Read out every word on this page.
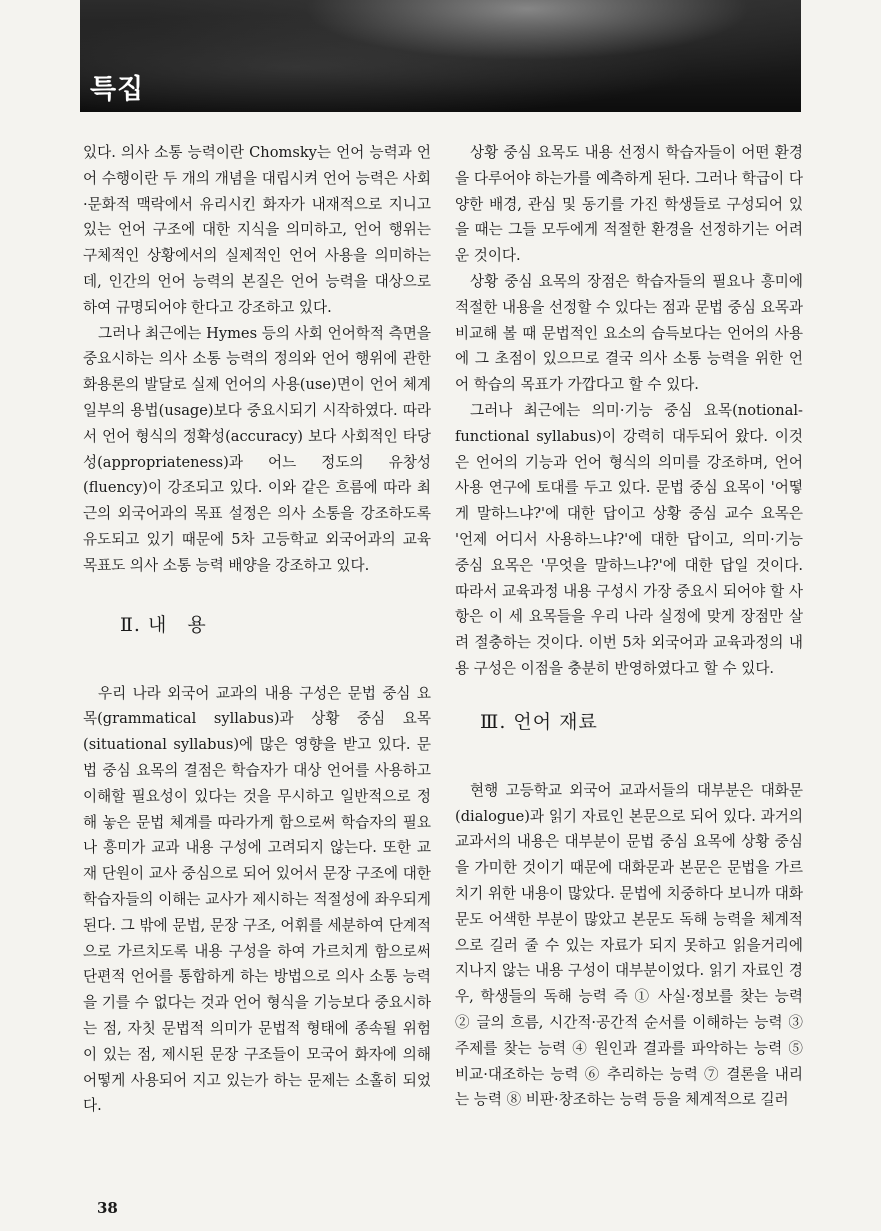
특집

있다. 의사 소통 능력이란 Chomsky는 언어 능력과 언어 수행이란 두 개의 개념을 대립시켜 언어 능력은 사회·문화적 맥락에서 유리시킨 화자가 내재적으로 지니고 있는 언어 구조에 대한 지식을 의미하고, 언어 행위는 구체적인 상황에서의 실제적인 언어 사용을 의미하는 데, 인간의 언어 능력의 본질은 언어 능력을 대상으로 하여 규명되어야 한다고 강조하고 있다.

그러나 최근에는 Hymes 등의 사회 언어학적 측면을 중요시하는 의사 소통 능력의 정의와 언어 행위에 관한 화용론의 발달로 실제 언어의 사용(use)면이 언어 체계 일부의 용법(usage)보다 중요시되기 시작하였다. 따라서 언어 형식의 정확성(accuracy) 보다 사회적인 타당성(appropriateness)과 어느 정도의 유창성(fluency)이 강조되고 있다. 이와 같은 흐름에 따라 최근의 외국어과의 목표 설정은 의사 소통을 강조하도록 유도되고 있기 때문에 5차 고등학교 외국어과의 교육 목표도 의사 소통 능력 배양을 강조하고 있다.

Ⅱ. 내　용

우리 나라 외국어 교과의 내용 구성은 문법 중심 요목(grammatical syllabus)과 상황 중심 요목(situational syllabus)에 많은 영향을 받고 있다. 문법 중심 요목의 결점은 학습자가 대상 언어를 사용하고 이해할 필요성이 있다는 것을 무시하고 일반적으로 정해 놓은 문법 체계를 따라가게 함으로써 학습자의 필요나 흥미가 교과 내용 구성에 고려되지 않는다. 또한 교재 단원이 교사 중심으로 되어 있어서 문장 구조에 대한 학습자들의 이해는 교사가 제시하는 적절성에 좌우되게 된다. 그 밖에 문법, 문장 구조, 어휘를 세분하여 단계적으로 가르치도록 내용 구성을 하여 가르치게 함으로써 단편적 언어를 통합하게 하는 방법으로 의사 소통 능력을 기를 수 없다는 것과 언어 형식을 기능보다 중요시하는 점, 자칫 문법적 의미가 문법적 형태에 종속될 위험이 있는 점, 제시된 문장 구조들이 모국어 화자에 의해 어떻게 사용되어 지고 있는가 하는 문제는 소홀히 되었다.

상황 중심 요목도 내용 선정시 학습자들이 어떤 환경을 다루어야 하는가를 예측하게 된다. 그러나 학급이 다양한 배경, 관심 및 동기를 가진 학생들로 구성되어 있을 때는 그들 모두에게 적절한 환경을 선정하기는 어려운 것이다.

상황 중심 요목의 장점은 학습자들의 필요나 흥미에 적절한 내용을 선정할 수 있다는 점과 문법 중심 요목과 비교해 볼 때 문법적인 요소의 습득보다는 언어의 사용에 그 초점이 있으므로 결국 의사 소통 능력을 위한 언어 학습의 목표가 가깝다고 할 수 있다.

그러나 최근에는 의미·기능 중심 요목(notional-functional syllabus)이 강력히 대두되어 왔다. 이것은 언어의 기능과 언어 형식의 의미를 강조하며, 언어 사용 연구에 토대를 두고 있다. 문법 중심 요목이 '어떻게 말하느냐?'에 대한 답이고 상황 중심 교수 요목은 '언제 어디서 사용하느냐?'에 대한 답이고, 의미·기능 중심 요목은 '무엇을 말하느냐?'에 대한 답일 것이다. 따라서 교육과정 내용 구성시 가장 중요시 되어야 할 사항은 이 세 요목들을 우리 나라 실정에 맞게 장점만 살려 절충하는 것이다. 이번 5차 외국어과 교육과정의 내용 구성은 이점을 충분히 반영하였다고 할 수 있다.

Ⅲ. 언어 재료

현행 고등학교 외국어 교과서들의 대부분은 대화문(dialogue)과 읽기 자료인 본문으로 되어 있다. 과거의 교과서의 내용은 대부분이 문법 중심 요목에 상황 중심을 가미한 것이기 때문에 대화문과 본문은 문법을 가르치기 위한 내용이 많았다. 문법에 치중하다 보니까 대화문도 어색한 부분이 많았고 본문도 독해 능력을 체계적으로 길러 줄 수 있는 자료가 되지 못하고 읽을거리에 지나지 않는 내용 구성이 대부분이었다. 읽기 자료인 경우, 학생들의 독해 능력 즉 ① 사실·정보를 찾는 능력 ② 글의 흐름, 시간적·공간적 순서를 이해하는 능력 ③ 주제를 찾는 능력 ④ 원인과 결과를 파악하는 능력 ⑤ 비교·대조하는 능력 ⑥ 추리하는 능력 ⑦ 결론을 내리는 능력 ⑧ 비판·창조하는 능력 등을 체계적으로 길러

38
